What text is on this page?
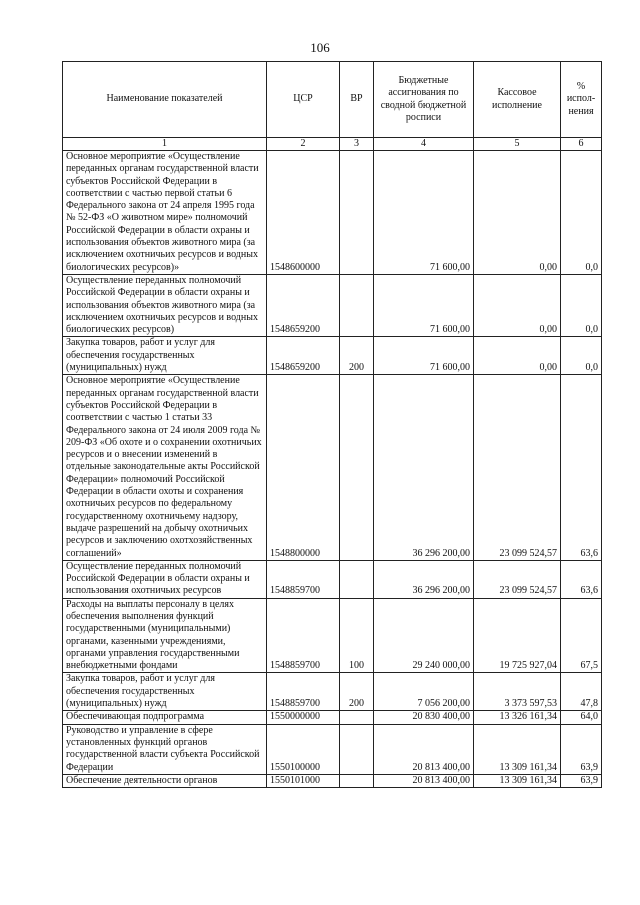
106
Наименование показателей	ЦСР	ВР	Бюджетные ассигнования по сводной бюджетной росписи	Кассовое исполнение	% испол-нения
1	2	3	4	5	6
Основное мероприятие «Осуществление переданных органам государственной власти субъектов Российской Федерации в соответствии с частью первой статьи 6 Федерального закона от 24 апреля 1995 года № 52-ФЗ «О животном мире» полномочий Российской Федерации в области охраны и использования объектов животного мира (за исключением охотничьих ресурсов и водных биологических ресурсов)»	1548600000		71 600,00	0,00	0,0
Осуществление переданных полномочий Российской Федерации в области охраны и использования объектов животного мира (за исключением охотничьих ресурсов и водных биологических ресурсов)	1548659200		71 600,00	0,00	0,0
Закупка товаров, работ и услуг для обеспечения государственных (муниципальных) нужд	1548659200	200	71 600,00	0,00	0,0
Основное мероприятие «Осуществление переданных органам государственной власти субъектов Российской Федерации в соответствии с частью 1 статьи 33 Федерального закона от 24 июля 2009 года № 209-ФЗ «Об охоте и о сохранении охотничьих ресурсов и о внесении изменений в отдельные законодательные акты Российской Федерации» полномочий Российской Федерации в области охоты и сохранения охотничьих ресурсов по федеральному государственному охотничьему надзору, выдаче разрешений на добычу охотничьих ресурсов и заключению охотхозяйственных соглашений»	1548800000		36 296 200,00	23 099 524,57	63,6
Осуществление переданных полномочий Российской Федерации в области охраны и использования охотничьих ресурсов	1548859700		36 296 200,00	23 099 524,57	63,6
Расходы на выплаты персоналу в целях обеспечения выполнения функций государственными (муниципальными) органами, казенными учреждениями, органами управления государственными внебюджетными фондами	1548859700	100	29 240 000,00	19 725 927,04	67,5
Закупка товаров, работ и услуг для обеспечения государственных (муниципальных) нужд	1548859700	200	7 056 200,00	3 373 597,53	47,8
Обеспечивающая подпрограмма	1550000000		20 830 400,00	13 326 161,34	64,0
Руководство и управление в сфере установленных функций органов государственной власти субъекта Российской Федерации	1550100000		20 813 400,00	13 309 161,34	63,9
Обеспечение деятельности органов	1550101000		20 813 400,00	13 309 161,34	63,9
